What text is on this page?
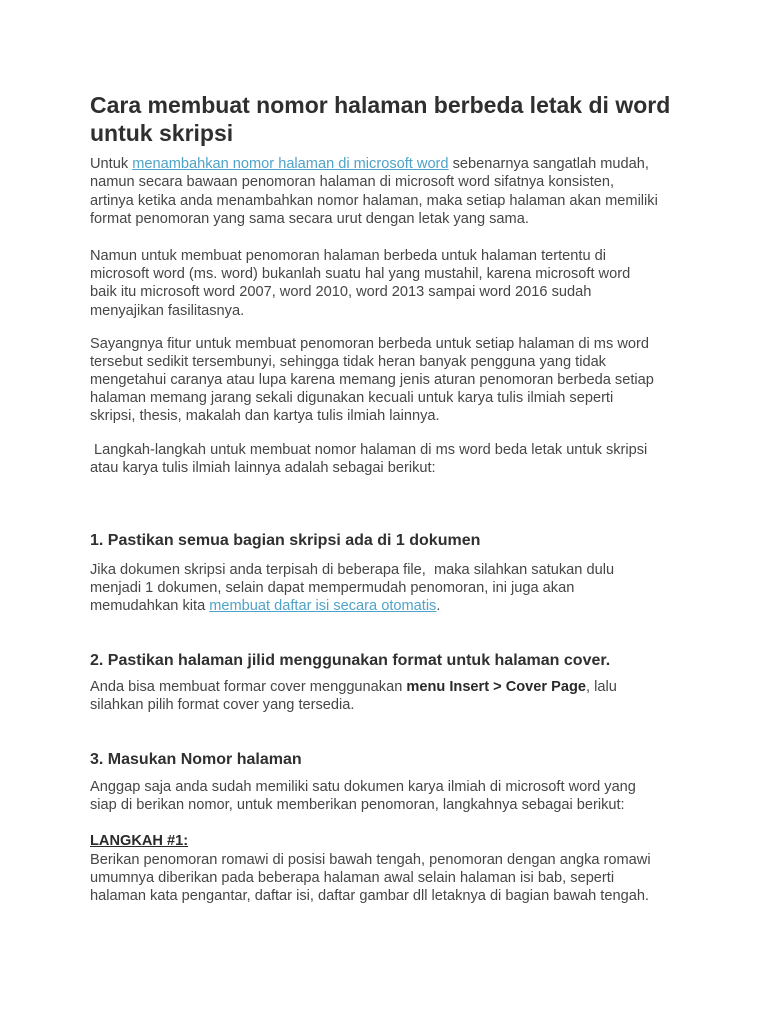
Cara membuat nomor halaman berbeda letak di word
untuk skripsi
Untuk menambahkan nomor halaman di microsoft word sebenarnya sangatlah mudah,
namun secara bawaan penomoran halaman di microsoft word sifatnya konsisten,
artinya ketika anda menambahkan nomor halaman, maka setiap halaman akan memiliki
format penomoran yang sama secara urut dengan letak yang sama.
Namun untuk membuat penomoran halaman berbeda untuk halaman tertentu di
microsoft word (ms. word) bukanlah suatu hal yang mustahil, karena microsoft word
baik itu microsoft word 2007, word 2010, word 2013 sampai word 2016 sudah
menyajikan fasilitasnya.
Sayangnya fitur untuk membuat penomoran berbeda untuk setiap halaman di ms word
tersebut sedikit tersembunyi, sehingga tidak heran banyak pengguna yang tidak
mengetahui caranya atau lupa karena memang jenis aturan penomoran berbeda setiap
halaman memang jarang sekali digunakan kecuali untuk karya tulis ilmiah seperti
skripsi, thesis, makalah dan kartya tulis ilmiah lainnya.
Langkah-langkah untuk membuat nomor halaman di ms word beda letak untuk skripsi
atau karya tulis ilmiah lainnya adalah sebagai berikut:
1. Pastikan semua bagian skripsi ada di 1 dokumen
Jika dokumen skripsi anda terpisah di beberapa file,  maka silahkan satukan dulu
menjadi 1 dokumen, selain dapat mempermudah penomoran, ini juga akan
memudahkan kita membuat daftar isi secara otomatis.
2. Pastikan halaman jilid menggunakan format untuk halaman cover.
Anda bisa membuat formar cover menggunakan menu Insert > Cover Page, lalu
silahkan pilih format cover yang tersedia.
3. Masukan Nomor halaman
Anggap saja anda sudah memiliki satu dokumen karya ilmiah di microsoft word yang
siap di berikan nomor, untuk memberikan penomoran, langkahnya sebagai berikut:
LANGKAH #1:
Berikan penomoran romawi di posisi bawah tengah, penomoran dengan angka romawi
umumnya diberikan pada beberapa halaman awal selain halaman isi bab, seperti
halaman kata pengantar, daftar isi, daftar gambar dll letaknya di bagian bawah tengah.
